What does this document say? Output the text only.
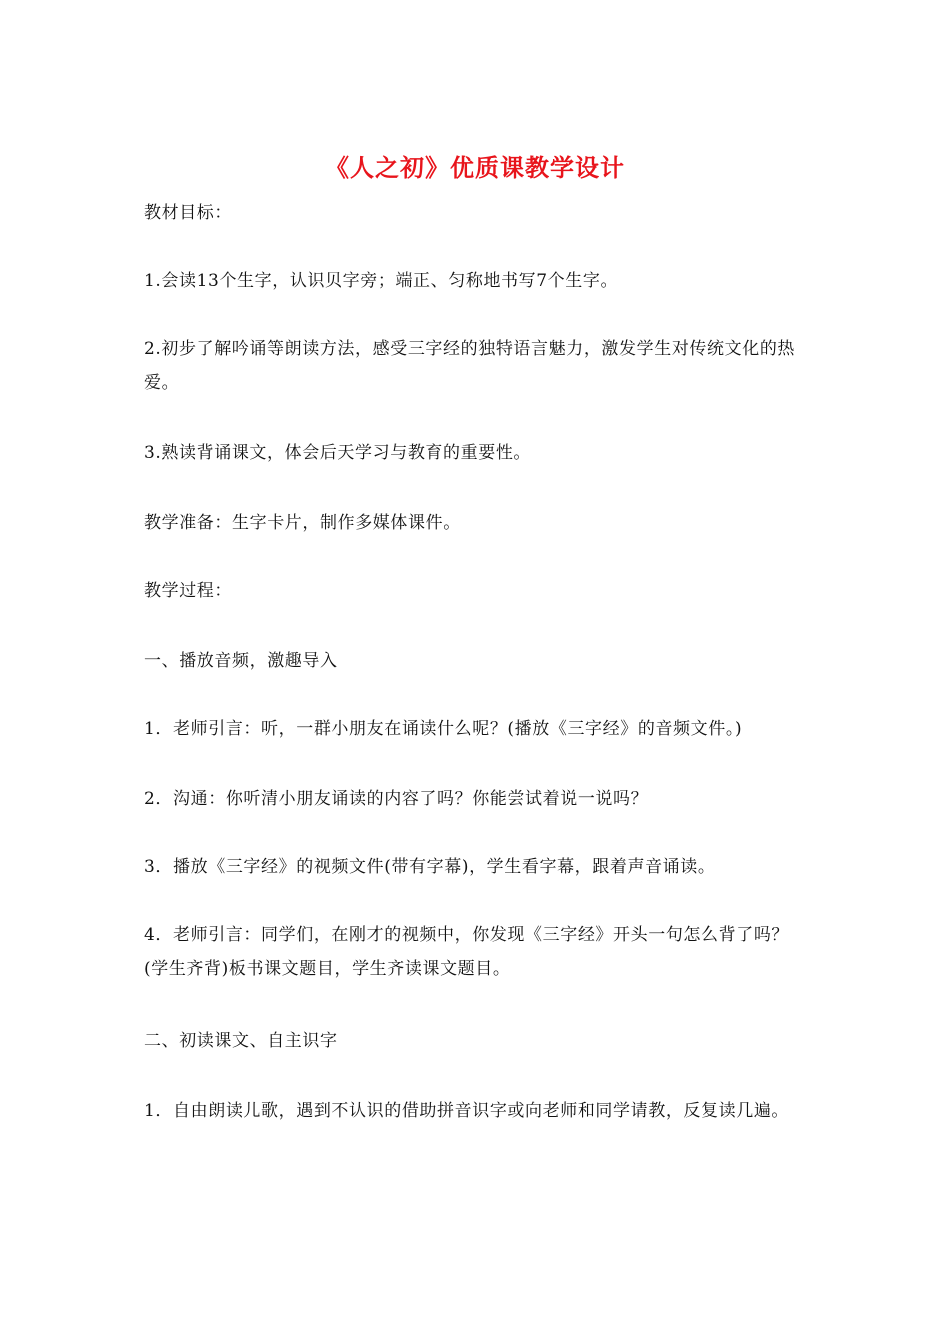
《人之初》优质课教学设计
教材目标：
1.会读13个生字，认识贝字旁；端正、匀称地书写7个生字。
2.初步了解吟诵等朗读方法，感受三字经的独特语言魅力，激发学生对传统文化的热爱。
3.熟读背诵课文，体会后天学习与教育的重要性。
教学准备：生字卡片，制作多媒体课件。
教学过程：
一、播放音频，激趣导入
1．老师引言：听，一群小朋友在诵读什么呢？(播放《三字经》的音频文件。)
2．沟通：你听清小朋友诵读的内容了吗？你能尝试着说一说吗？
3．播放《三字经》的视频文件(带有字幕)，学生看字幕，跟着声音诵读。
4．老师引言：同学们，在刚才的视频中，你发现《三字经》开头一句怎么背了吗？(学生齐背)板书课文题目，学生齐读课文题目。
二、初读课文、自主识字
1．自由朗读儿歌，遇到不认识的借助拼音识字或向老师和同学请教，反复读几遍。
